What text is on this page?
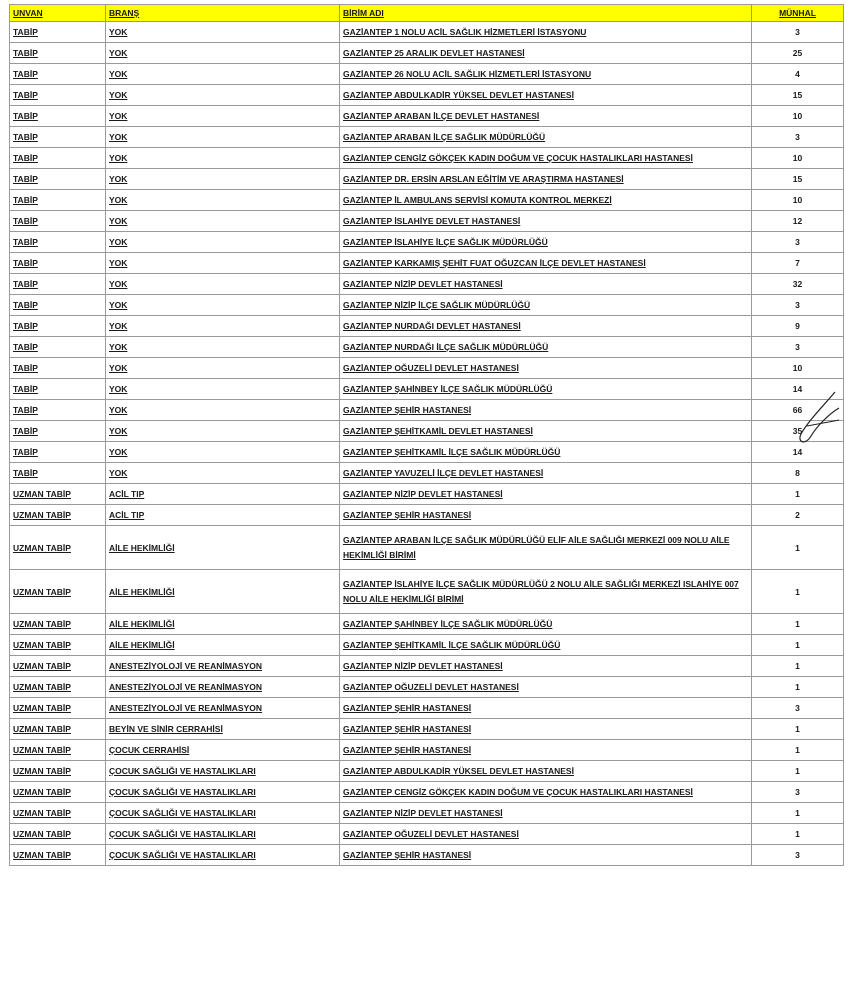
UNVAN	BRANŞ	BİRİM ADI	MÜNHAL
TABİP	YOK	GAZİANTEP 1 NOLU ACİL SAĞLIK HİZMETLERİ İSTASYONU	3
TABİP	YOK	GAZİANTEP 25 ARALIK DEVLET HASTANESİ	25
TABİP	YOK	GAZİANTEP 26 NOLU ACİL SAĞLIK HİZMETLERİ İSTASYONU	4
TABİP	YOK	GAZİANTEP ABDULKADİR YÜKSEL DEVLET HASTANESİ	15
TABİP	YOK	GAZİANTEP ARABAN İLÇE DEVLET HASTANESİ	10
TABİP	YOK	GAZİANTEP ARABAN İLÇE SAĞLIK MÜDÜRLÜĞÜ	3
TABİP	YOK	GAZİANTEP CENGİZ GÖKÇEK KADIN DOĞUM VE ÇOCUK HASTALIKLARI HASTANESİ	10
TABİP	YOK	GAZİANTEP DR. ERSİN ARSLAN EĞİTİM VE ARAŞTIRMA HASTANESİ	15
TABİP	YOK	GAZİANTEP İL AMBULANS SERVİSİ KOMUTA KONTROL MERKEZİ	10
TABİP	YOK	GAZİANTEP İSLAHİYE DEVLET HASTANESİ	12
TABİP	YOK	GAZİANTEP İSLAHİYE İLÇE SAĞLIK MÜDÜRLÜĞÜ	3
TABİP	YOK	GAZİANTEP KARKAMIŞ ŞEHİT FUAT OĞUZCAN İLÇE DEVLET HASTANESİ	7
TABİP	YOK	GAZİANTEP NİZİP DEVLET HASTANESİ	32
TABİP	YOK	GAZİANTEP NİZİP İLÇE SAĞLIK MÜDÜRLÜĞÜ	3
TABİP	YOK	GAZİANTEP NURDAĞI DEVLET HASTANESİ	9
TABİP	YOK	GAZİANTEP NURDAĞI İLÇE SAĞLIK MÜDÜRLÜĞÜ	3
TABİP	YOK	GAZİANTEP OĞUZELİ DEVLET HASTANESİ	10
TABİP	YOK	GAZİANTEP ŞAHİNBEY İLÇE SAĞLIK MÜDÜRLÜĞÜ	14
TABİP	YOK	GAZİANTEP ŞEHİR HASTANESİ	66
TABİP	YOK	GAZİANTEP ŞEHİTKAMİL DEVLET HASTANESİ	35
TABİP	YOK	GAZİANTEP ŞEHİTKAMİL İLÇE SAĞLIK MÜDÜRLÜĞÜ	14
TABİP	YOK	GAZİANTEP YAVUZELİ İLÇE DEVLET HASTANESİ	8
UZMAN TABİP	ACİL TIP	GAZİANTEP NİZİP DEVLET HASTANESİ	1
UZMAN TABİP	ACİL TIP	GAZİANTEP ŞEHİR HASTANESİ	2
UZMAN TABİP	AİLE HEKİMLİĞİ	GAZİANTEP ARABAN İLÇE SAĞLIK MÜDÜRLÜĞÜ ELİF AİLE SAĞLIĞI MERKEZİ 009 NOLU AİLE HEKİMLİĞİ BİRİMİ	1
UZMAN TABİP	AİLE HEKİMLİĞİ	GAZİANTEP İSLAHİYE İLÇE SAĞLIK MÜDÜRLÜĞÜ 2 NOLU AİLE SAĞLIĞI MERKEZİ ISLAHİYE 007 NOLU AİLE HEKİMLİĞİ BİRİMİ	1
UZMAN TABİP	AİLE HEKİMLİĞİ	GAZİANTEP ŞAHİNBEY İLÇE SAĞLIK MÜDÜRLÜĞÜ	1
UZMAN TABİP	AİLE HEKİMLİĞİ	GAZİANTEP ŞEHİTKAMİL İLÇE SAĞLIK MÜDÜRLÜĞÜ	1
UZMAN TABİP	ANESTEZİYOLOJİ VE REANİMASYON	GAZİANTEP NİZİP DEVLET HASTANESİ	1
UZMAN TABİP	ANESTEZİYOLOJİ VE REANİMASYON	GAZİANTEP OĞUZELİ DEVLET HASTANESİ	1
UZMAN TABİP	ANESTEZİYOLOJİ VE REANİMASYON	GAZİANTEP ŞEHİR HASTANESİ	3
UZMAN TABİP	BEYİN VE SİNİR CERRAHİSİ	GAZİANTEP ŞEHİR HASTANESİ	1
UZMAN TABİP	ÇOCUK CERRAHİSİ	GAZİANTEP ŞEHİR HASTANESİ	1
UZMAN TABİP	ÇOCUK SAĞLIĞI VE HASTALIKLARI	GAZİANTEP ABDULKADİR YÜKSEL DEVLET HASTANESİ	1
UZMAN TABİP	ÇOCUK SAĞLIĞI VE HASTALIKLARI	GAZİANTEP CENGİZ GÖKÇEK KADIN DOĞUM VE ÇOCUK HASTALIKLARI HASTANESİ	3
UZMAN TABİP	ÇOCUK SAĞLIĞI VE HASTALIKLARI	GAZİANTEP NİZİP DEVLET HASTANESİ	1
UZMAN TABİP	ÇOCUK SAĞLIĞI VE HASTALIKLARI	GAZİANTEP OĞUZELİ DEVLET HASTANESİ	1
UZMAN TABİP	ÇOCUK SAĞLIĞI VE HASTALIKLARI	GAZİANTEP ŞEHİR HASTANESİ	3
